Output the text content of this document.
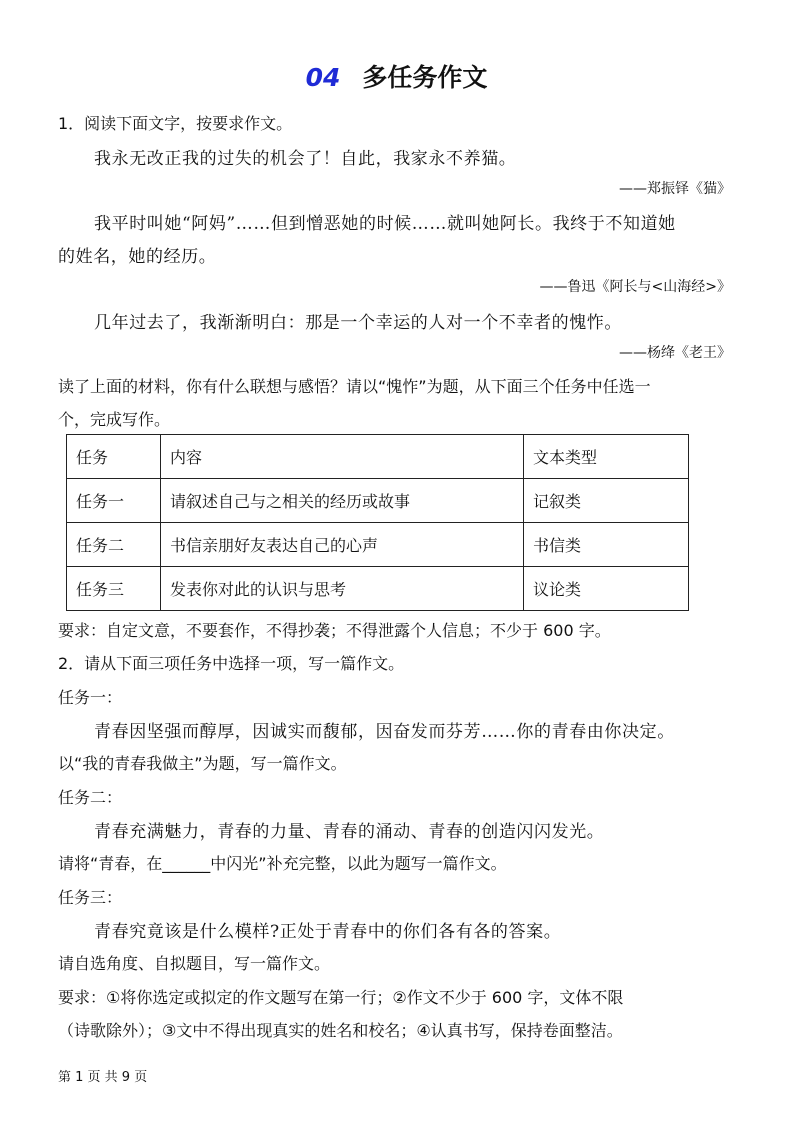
04 多任务作文
1．阅读下面文字，按要求作文。
我永无改正我的过失的机会了！自此，我家永不养猫。
——郑振铎《猫》
我平时叫她“阿妈”……但到憎恶她的时候……就叫她阿长。我终于不知道她
的姓名，她的经历。
——鲁迅《阿长与<山海经>》
几年过去了，我渐渐明白：那是一个幸运的人对一个不幸者的愧怍。
——杨绛《老王》
读了上面的材料，你有什么联想与感悟？请以“愧怍”为题，从下面三个任务中任选一
个，完成写作。
任务	内容	文本类型
任务一	请叙述自己与之相关的经历或故事	记叙类
任务二	书信亲朋好友表达自己的心声	书信类
任务三	发表你对此的认识与思考	议论类
要求：自定文意，不要套作，不得抄袭；不得泄露个人信息；不少于 600 字。
2．请从下面三项任务中选择一项，写一篇作文。
任务一：
青春因坚强而醇厚，因诚实而馥郁，因奋发而芬芳……你的青春由你决定。
以“我的青春我做主”为题，写一篇作文。
任务二：
青春充满魅力，青春的力量、青春的涌动、青春的创造闪闪发光。
请将“青春，在______中闪光”补充完整，以此为题写一篇作文。
任务三：
青春究竟该是什么模样?正处于青春中的你们各有各的答案。
请自选角度、自拟题目，写一篇作文。
要求：①将你选定或拟定的作文题写在第一行；②作文不少于 600 字，文体不限
（诗歌除外）；③文中不得出现真实的姓名和校名；④认真书写，保持卷面整洁。
第 1 页 共 9 页
